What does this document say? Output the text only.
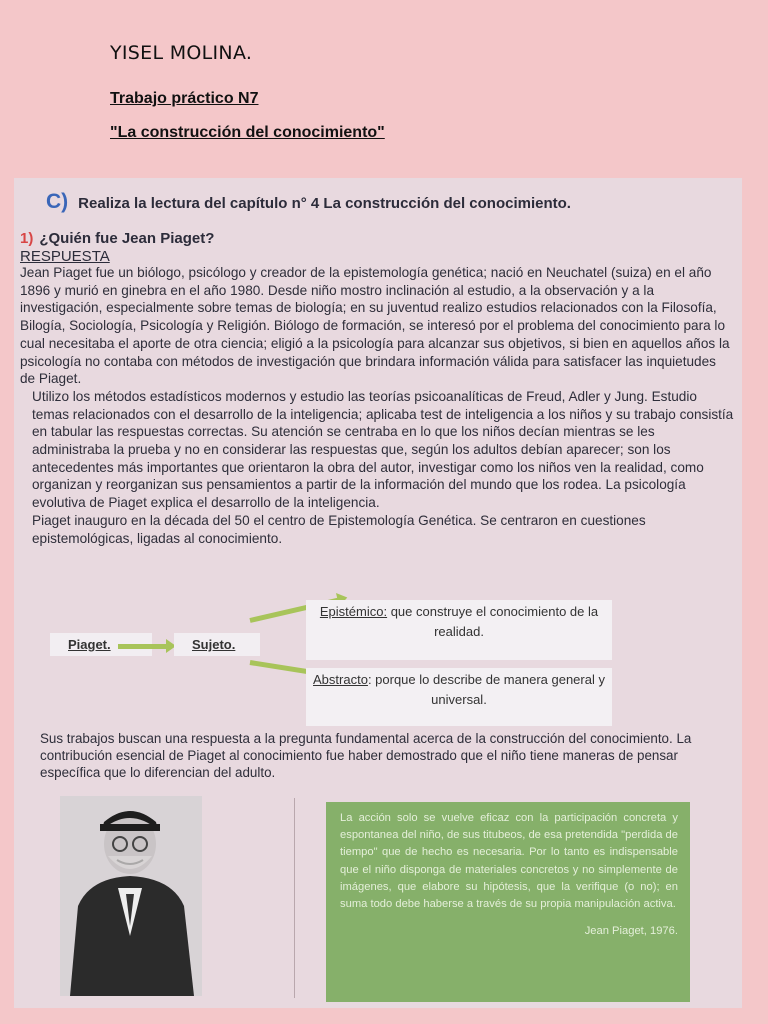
YISEL MOLINA.
Trabajo práctico N7
"La construcción del conocimiento"
C) Realiza la lectura del capítulo n° 4 La construcción del conocimiento.
1) ¿Quién fue Jean Piaget?
RESPUESTA

Jean Piaget fue un biólogo, psicólogo y creador de la epistemología genética; nació en Neuchatel (suiza) en el año 1896 y murió en ginebra en el año 1980. Desde niño mostro inclinación al estudio, a la observación y a la investigación, especialmente sobre temas de biología; en su juventud realizo estudios relacionados con la Filosofía, Bilogía, Sociología, Psicología y Religión. Biólogo de formación, se interesó por el problema del conocimiento para lo cual necesitaba el aporte de otra ciencia; eligió a la psicología para alcanzar sus objetivos, si bien en aquellos años la psicología no contaba con métodos de investigación que brindara información válida para satisfacer las inquietudes de Piaget.

Utilizo los métodos estadísticos modernos y estudio las teorías psicoanalíticas de Freud, Adler y Jung. Estudio temas relacionados con el desarrollo de la inteligencia; aplicaba test de inteligencia a los niños y su trabajo consistía en tabular las respuestas correctas. Su atención se centraba en lo que los niños decían mientras se les administraba la prueba y no en considerar las respuestas que, según los adultos debían aparecer; son los antecedentes más importantes que orientaron la obra del autor, investigar como los niños ven la realidad, como organizan y reorganizan sus pensamientos a partir de la información del mundo que los rodea. La psicología evolutiva de Piaget explica el desarrollo de la inteligencia.

Piaget inauguro en la década del 50 el centro de Epistemología Genética. Se centraron en cuestiones epistemológicas, ligadas al conocimiento.

Piaget.	Sujeto.
Epistémico: que construye el conocimiento de la realidad.
Abstracto: porque lo describe de manera general y universal.
Sus trabajos buscan una respuesta a la pregunta fundamental acerca de la construcción del conocimiento. La contribución esencial de Piaget al conocimiento fue haber demostrado que el niño tiene maneras de pensar específica que lo diferencian del adulto.
La acción solo se vuelve eficaz con la participación concreta y espontanea del niño, de sus titubeos, de esa pretendida "perdida de tiempo" que de hecho es necesaria. Por lo tanto es indispensable que el niño disponga de materiales concretos y no simplemente de imágenes, que elabore su hipótesis, que la verifique (o no); en suma todo debe haberse a través de su propia manipulación activa.
Jean Piaget, 1976.
